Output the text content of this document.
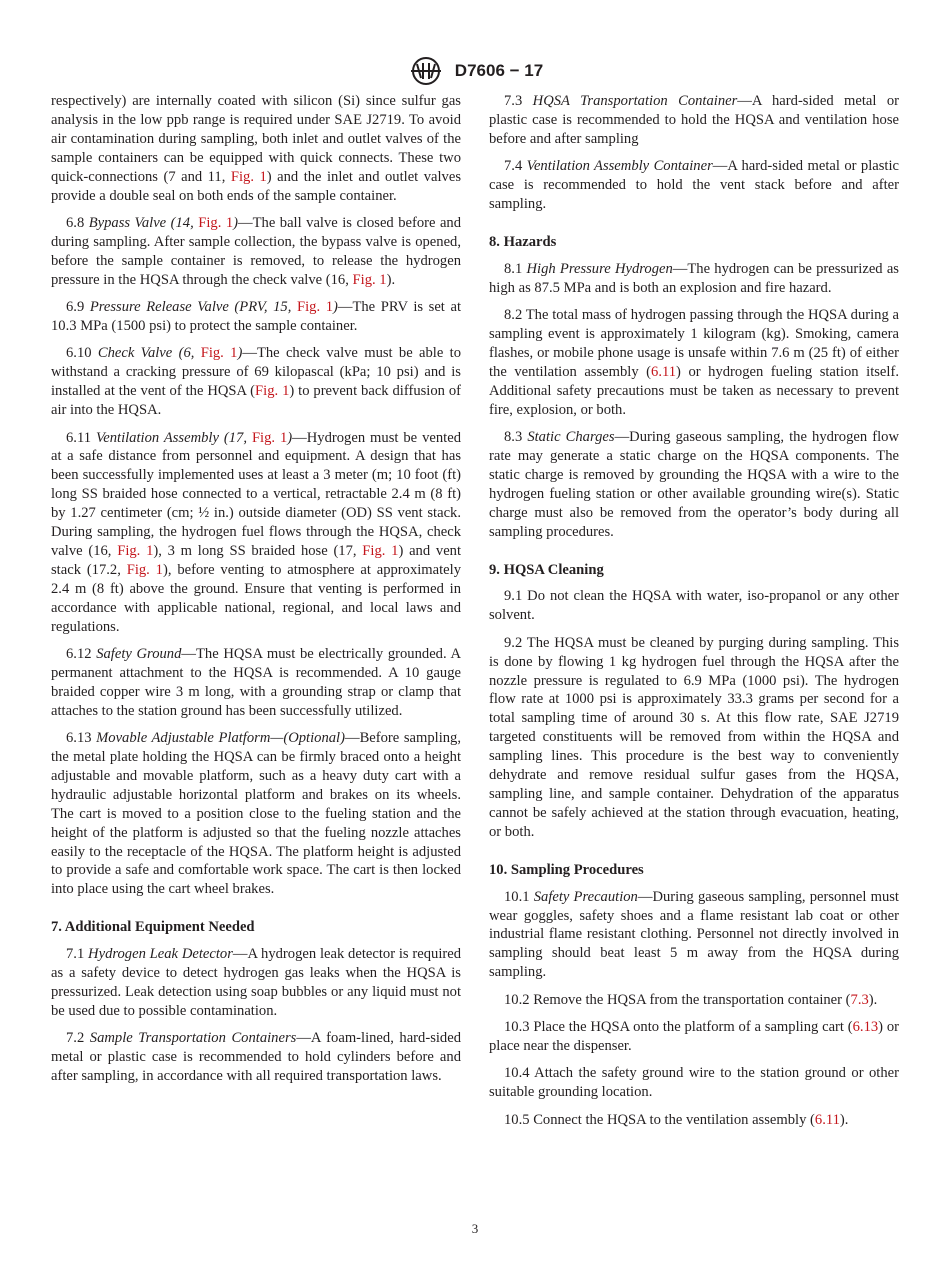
D7606 − 17

respectively) are internally coated with silicon (Si) since sulfur gas analysis in the low ppb range is required under SAE J2719. To avoid air contamination during sampling, both inlet and outlet valves of the sample containers can be equipped with quick connects. These two quick-connections (7 and 11, Fig. 1) and the inlet and outlet valves provide a double seal on both ends of the sample container.

6.8 Bypass Valve (14, Fig. 1)—The ball valve is closed before and during sampling. After sample collection, the bypass valve is opened, before the sample container is removed, to release the hydrogen pressure in the HQSA through the check valve (16, Fig. 1).

6.9 Pressure Release Valve (PRV, 15, Fig. 1)—The PRV is set at 10.3 MPa (1500 psi) to protect the sample container.

6.10 Check Valve (6, Fig. 1)—The check valve must be able to withstand a cracking pressure of 69 kilopascal (kPa; 10 psi) and is installed at the vent of the HQSA (Fig. 1) to prevent back diffusion of air into the HQSA.

6.11 Ventilation Assembly (17, Fig. 1)—Hydrogen must be vented at a safe distance from personnel and equipment. A design that has been successfully implemented uses at least a 3 meter (m; 10 foot (ft) long SS braided hose connected to a vertical, retractable 2.4 m (8 ft) by 1.27 centimeter (cm; ½ in.) outside diameter (OD) SS vent stack. During sampling, the hydrogen fuel flows through the HQSA, check valve (16, Fig. 1), 3 m long SS braided hose (17, Fig. 1) and vent stack (17.2, Fig. 1), before venting to atmosphere at approximately 2.4 m (8 ft) above the ground. Ensure that venting is performed in accordance with applicable national, regional, and local laws and regulations.

6.12 Safety Ground—The HQSA must be electrically grounded. A permanent attachment to the HQSA is recommended. A 10 gauge braided copper wire 3 m long, with a grounding strap or clamp that attaches to the station ground has been successfully utilized.

6.13 Movable Adjustable Platform—(Optional)—Before sampling, the metal plate holding the HQSA can be firmly braced onto a height adjustable and movable platform, such as a heavy duty cart with a hydraulic adjustable horizontal platform and brakes on its wheels. The cart is moved to a position close to the fueling station and the height of the platform is adjusted so that the fueling nozzle attaches easily to the receptacle of the HQSA. The platform height is adjusted to provide a safe and comfortable work space. The cart is then locked into place using the cart wheel brakes.

7. Additional Equipment Needed

7.1 Hydrogen Leak Detector—A hydrogen leak detector is required as a safety device to detect hydrogen gas leaks when the HQSA is pressurized. Leak detection using soap bubbles or any liquid must not be used due to possible contamination.

7.2 Sample Transportation Containers—A foam-lined, hard-sided metal or plastic case is recommended to hold cylinders before and after sampling, in accordance with all required transportation laws.

7.3 HQSA Transportation Container—A hard-sided metal or plastic case is recommended to hold the HQSA and ventilation hose before and after sampling

7.4 Ventilation Assembly Container—A hard-sided metal or plastic case is recommended to hold the vent stack before and after sampling.

8. Hazards

8.1 High Pressure Hydrogen—The hydrogen can be pressurized as high as 87.5 MPa and is both an explosion and fire hazard.

8.2 The total mass of hydrogen passing through the HQSA during a sampling event is approximately 1 kilogram (kg). Smoking, camera flashes, or mobile phone usage is unsafe within 7.6 m (25 ft) of either the ventilation assembly (6.11) or hydrogen fueling station itself. Additional safety precautions must be taken as necessary to prevent fire, explosion, or both.

8.3 Static Charges—During gaseous sampling, the hydrogen flow rate may generate a static charge on the HQSA components. The static charge is removed by grounding the HQSA with a wire to the hydrogen fueling station or other available grounding wire(s). Static charge must also be removed from the operator’s body during all sampling procedures.

9. HQSA Cleaning

9.1 Do not clean the HQSA with water, iso-propanol or any other solvent.

9.2 The HQSA must be cleaned by purging during sampling. This is done by flowing 1 kg hydrogen fuel through the HQSA after the nozzle pressure is regulated to 6.9 MPa (1000 psi). The hydrogen flow rate at 1000 psi is approximately 33.3 grams per second for a total sampling time of around 30 s. At this flow rate, SAE J2719 targeted constituents will be removed from within the HQSA and sampling lines. This procedure is the best way to conveniently dehydrate and remove residual sulfur gases from the HQSA, sampling line, and sample container. Dehydration of the apparatus cannot be safely achieved at the station through evacuation, heating, or both.

10. Sampling Procedures

10.1 Safety Precaution—During gaseous sampling, personnel must wear goggles, safety shoes and a flame resistant lab coat or other industrial flame resistant clothing. Personnel not directly involved in sampling should beat least 5 m away from the HQSA during sampling.

10.2 Remove the HQSA from the transportation container (7.3).

10.3 Place the HQSA onto the platform of a sampling cart (6.13) or place near the dispenser.

10.4 Attach the safety ground wire to the station ground or other suitable grounding location.

10.5 Connect the HQSA to the ventilation assembly (6.11).

3
